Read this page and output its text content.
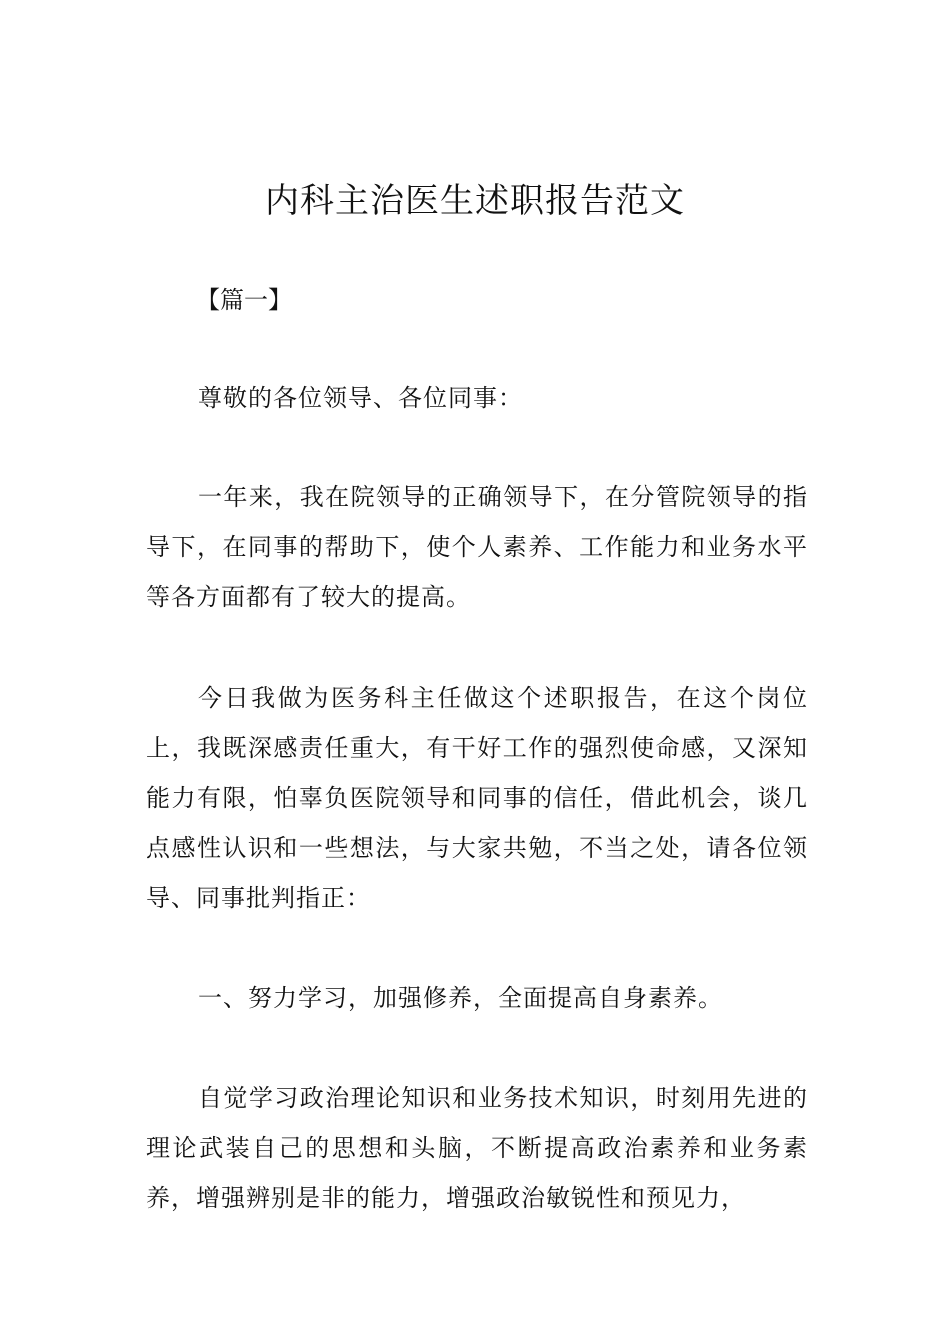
内科主治医生述职报告范文

【篇一】

尊敬的各位领导、各位同事：

一年来，我在院领导的正确领导下，在分管院领导的指导下，在同事的帮助下，使个人素养、工作能力和业务水平等各方面都有了较大的提高。

今日我做为医务科主任做这个述职报告，在这个岗位上，我既深感责任重大，有干好工作的强烈使命感，又深知能力有限，怕辜负医院领导和同事的信任，借此机会，谈几点感性认识和一些想法，与大家共勉，不当之处，请各位领导、同事批判指正：

一、努力学习，加强修养，全面提高自身素养。

自觉学习政治理论知识和业务技术知识，时刻用先进的理论武装自己的思想和头脑，不断提高政治素养和业务素养，增强辨别是非的能力，增强政治敏锐性和预见力，
